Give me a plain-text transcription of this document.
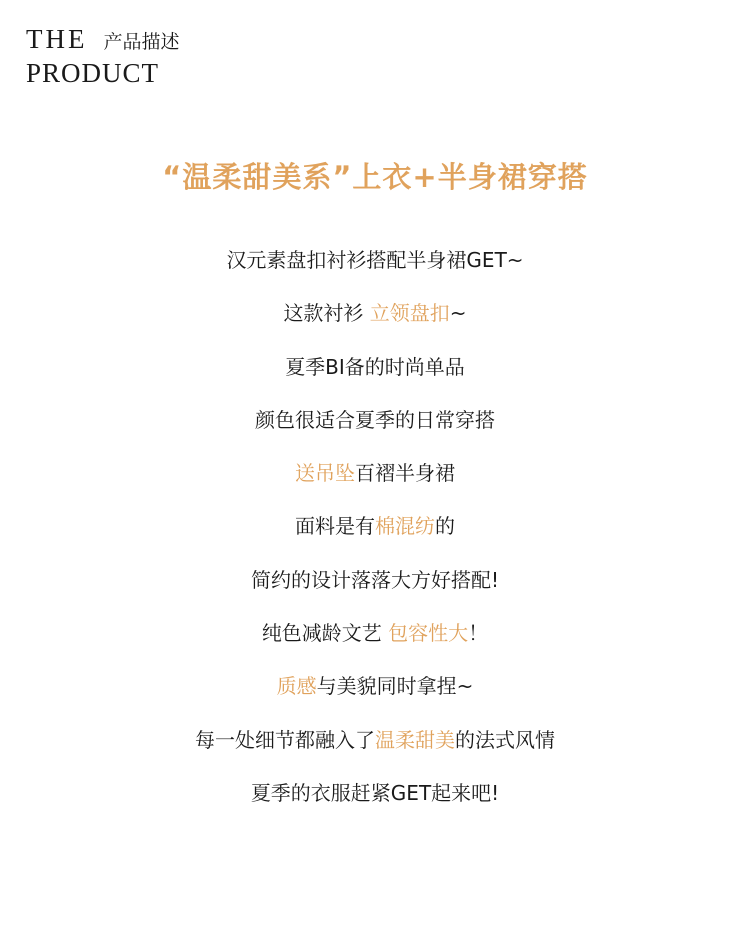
THE 产品描述
PRODUCT
“温柔甜美系”上衣+半身裙穿搭
汉元素盘扣衬衫搭配半身裙GET~
这款衬衫 立领盘扣~
夏季BI备的时尚单品
颜色很适合夏季的日常穿搭
送吊坠百褶半身裙
面料是有棉混纺的
简约的设计落落大方好搭配!
纯色减龄文艺 包容性大！
质感与美貌同时拿捏~
每一处细节都融入了温柔甜美的法式风情
夏季的衣服赶紧GET起来吧!
